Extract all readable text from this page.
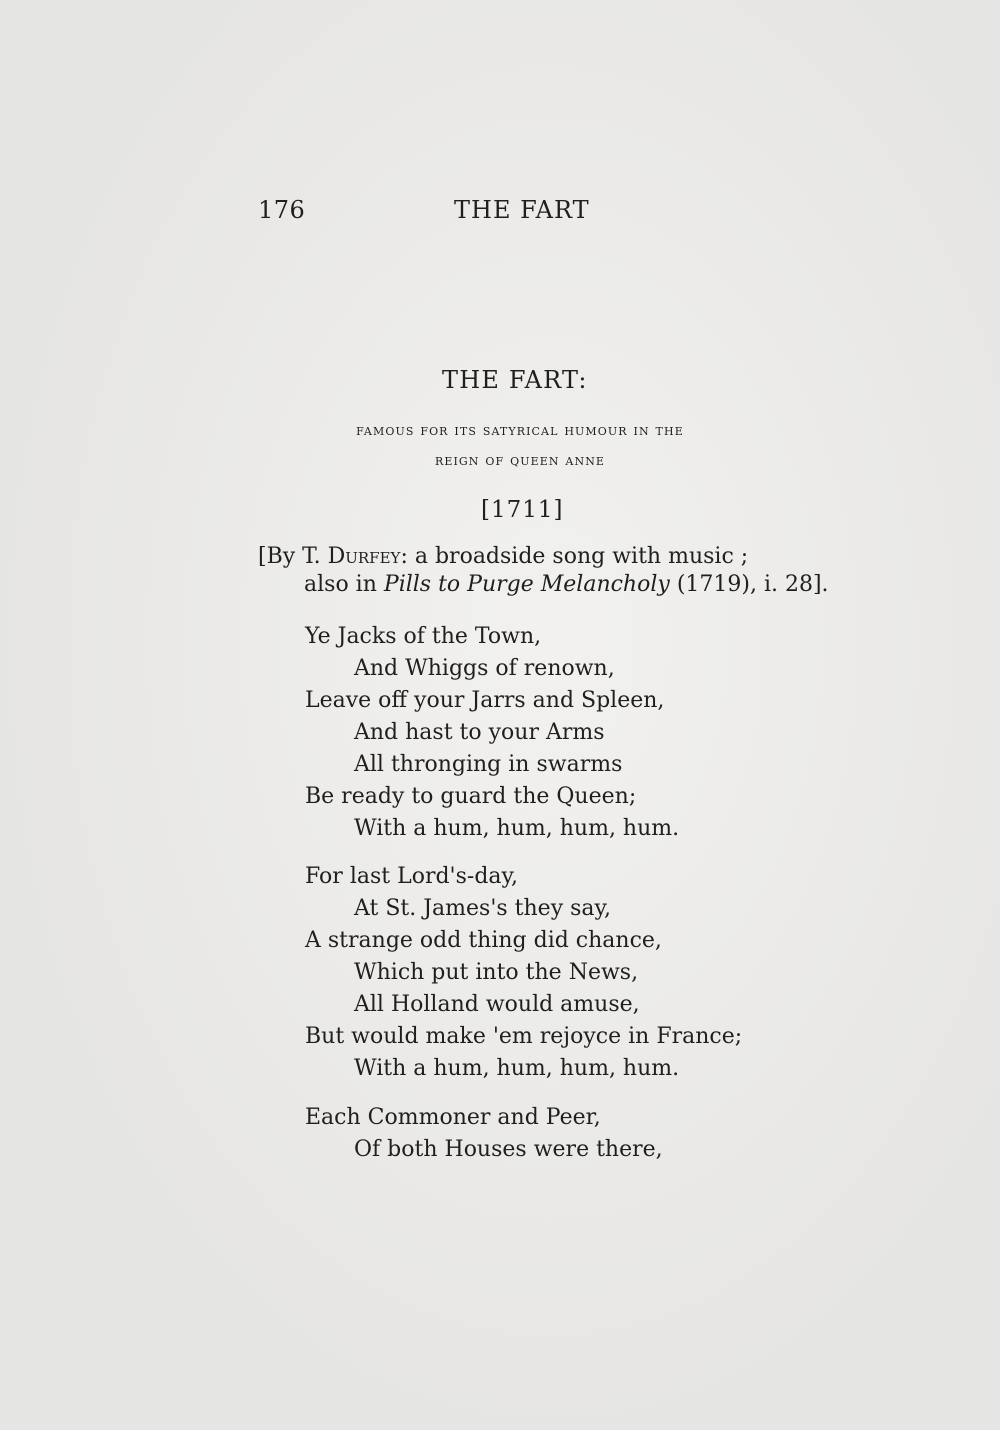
176	THE FART
THE FART:
famous for its satyrical humour in the
reign of queen anne
[1711]
[By T. Durfey: a broadside song with music ;
also in Pills to Purge Melancholy (1719), i. 28].
Ye Jacks of the Town,
And Whiggs of renown,
Leave off your Jarrs and Spleen,
And hast to your Arms
All thronging in swarms
Be ready to guard the Queen;
With a hum, hum, hum, hum.
For last Lord's-day,
At St. James's they say,
A strange odd thing did chance,
Which put into the News,
All Holland would amuse,
But would make 'em rejoyce in France;
With a hum, hum, hum, hum.
Each Commoner and Peer,
Of both Houses were there,
